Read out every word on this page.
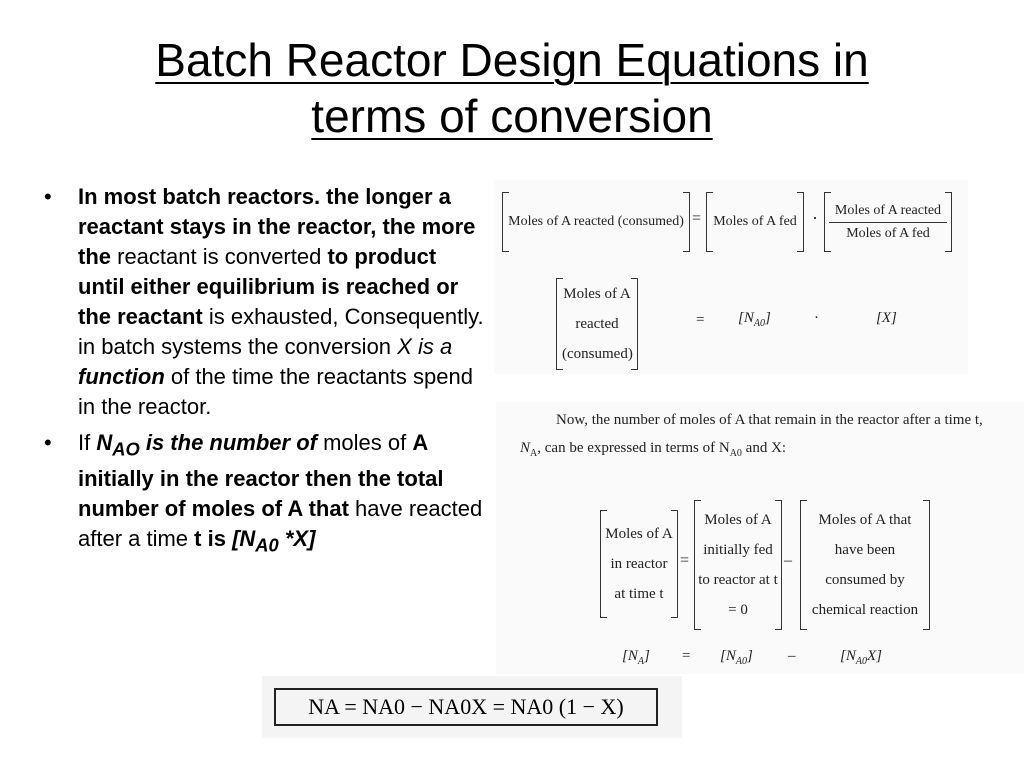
Batch Reactor Design Equations in
terms of conversion
• In most batch reactors. the longer a reactant stays in the reactor, the more the reactant is converted to product until either equilibrium is reached or the reactant is exhausted, Consequently. in batch systems the conversion X is a function of the time the reactants spend in the reactor.
• If $N_{AO}$ is the number of moles of A initially in the reactor then the total number of moles of A that have reacted after a time t is [$N_{A0}$ *X]
Moles of A reacted (consumed) = Moles of A fed · Moles of A reacted
Moles of A fed
Moles of A reacted (consumed)
= $[N_{A0}]$	·	[X]
Now, the number of moles of A that remain in the reactor after a time t,
$N_A$, can be expressed in terms of $N_{A0}$ and X:
Moles of A in reactor at time t
=
Moles of A initially fed to reactor at t = 0
–
Moles of A that have been consumed by chemical reaction
$[N_A] = [N_{A0}]$ –	$[N_{A0}X]$
NA = NA0 − NA0X = NA0 (1 − X)
